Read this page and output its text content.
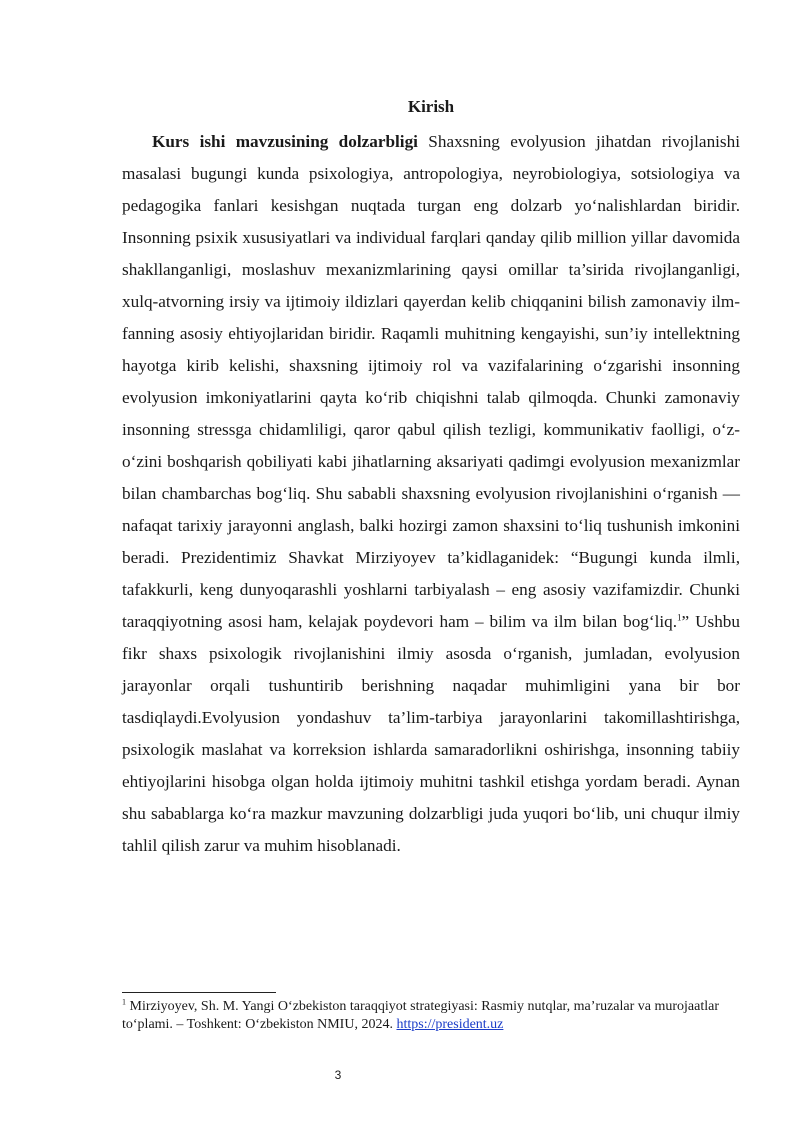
Kirish

Kurs ishi mavzusining dolzarbligi Shaxsning evolyusion jihatdan rivojlanishi masalasi bugungi kunda psixologiya, antropologiya, neyrobiologiya, sotsiologiya va pedagogika fanlari kesishgan nuqtada turgan eng dolzarb yo‘nalishlardan biridir. Insonning psixik xususiyatlari va individual farqlari qanday qilib million yillar davomida shakllanganligi, moslashuv mexanizmlarining qaysi omillar ta’sirida rivojlanganligi, xulq-atvorning irsiy va ijtimoiy ildizlari qayerdan kelib chiqqanini bilish zamonaviy ilm-fanning asosiy ehtiyojlaridan biridir. Raqamli muhitning kengayishi, sun’iy intellektning hayotga kirib kelishi, shaxsning ijtimoiy rol va vazifalarining o‘zgarishi insonning evolyusion imkoniyatlarini qayta ko‘rib chiqishni talab qilmoqda. Chunki zamonaviy insonning stressga chidamliligi, qaror qabul qilish tezligi, kommunikativ faolligi, o‘z-o‘zini boshqarish qobiliyati kabi jihatlarning aksariyati qadimgi evolyusion mexanizmlar bilan chambarchas bog‘liq. Shu sababli shaxsning evolyusion rivojlanishini o‘rganish — nafaqat tarixiy jarayonni anglash, balki hozirgi zamon shaxsini to‘liq tushunish imkonini beradi. Prezidentimiz Shavkat Mirziyoyev ta’kidlaganidek: “Bugungi kunda ilmli, tafakkurli, keng dunyoqarashli yoshlarni tarbiyalash – eng asosiy vazifamizdir. Chunki taraqqiyotning asosi ham, kelajak poydevori ham – bilim va ilm bilan bog‘liq.$^1$” Ushbu fikr shaxs psixologik rivojlanishini ilmiy asosda o‘rganish, jumladan, evolyusion jarayonlar orqali tushuntirib berishning naqadar muhimligini yana bir bor tasdiqlaydi.Evolyusion yondashuv ta’lim-tarbiya jarayonlarini takomillashtirishga, psixologik maslahat va korreksion ishlarda samaradorlikni oshirishga, insonning tabiiy ehtiyojlarini hisobga olgan holda ijtimoiy muhitni tashkil etishga yordam beradi. Aynan shu sabablarga ko‘ra mazkur mavzuning dolzarbligi juda yuqori bo‘lib, uni chuqur ilmiy tahlil qilish zarur va muhim hisoblanadi.

$^1$ Mirziyoyev, Sh. M. Yangi O‘zbekiston taraqqiyot strategiyasi: Rasmiy nutqlar, ma’ruzalar va murojaatlar to‘plami. – Toshkent: O‘zbekiston NMIU, 2024. https://president.uz

3
